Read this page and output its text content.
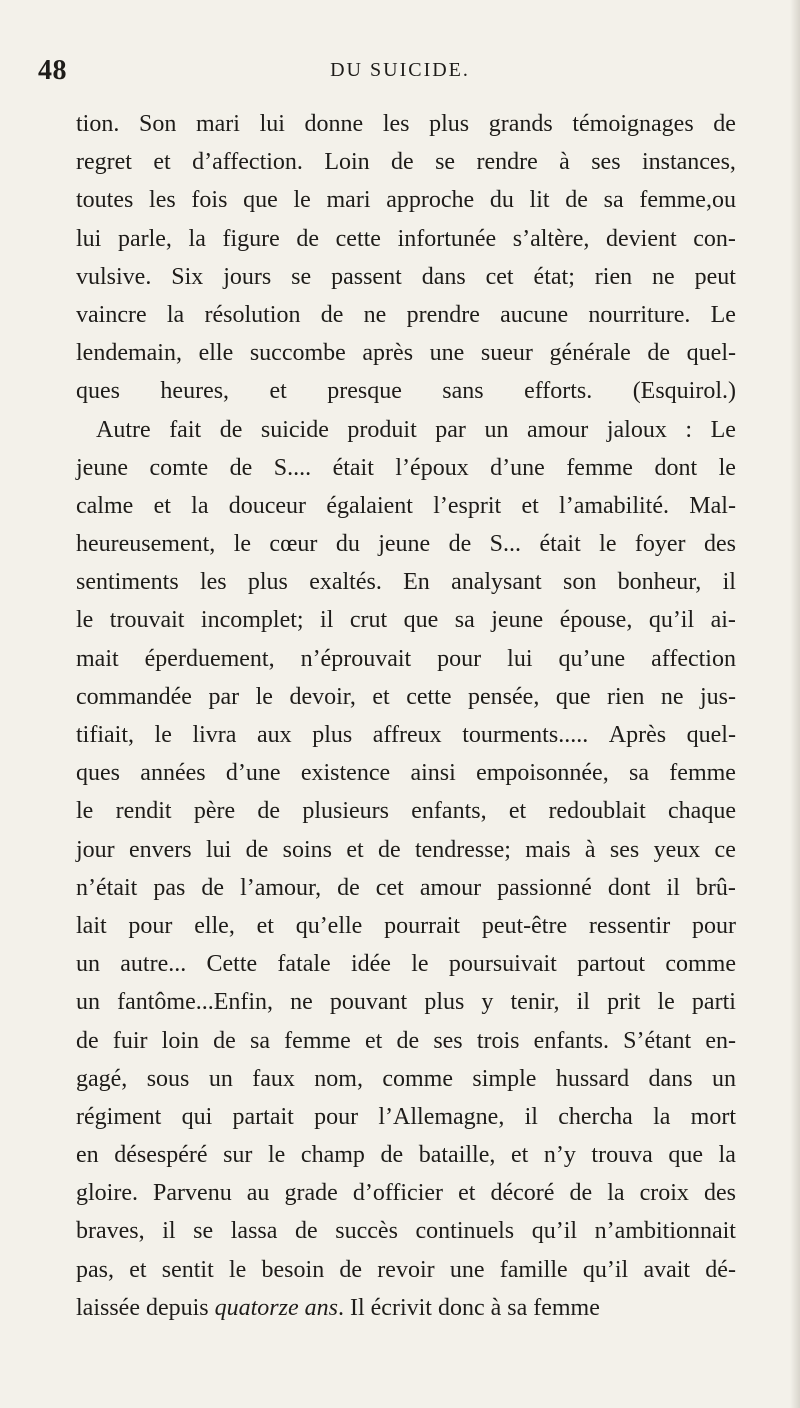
48	DU SUICIDE.
tion. Son mari lui donne les plus grands témoignages de
regret et d’affection. Loin de se rendre à ses instances,
toutes les fois que le mari approche du lit de sa femme,ou
lui parle, la figure de cette infortunée s’altère, devient con-
vulsive. Six jours se passent dans cet état; rien ne peut
vaincre la résolution de ne prendre aucune nourriture. Le
lendemain, elle succombe après une sueur générale de quel-
ques heures, et presque sans efforts. (Esquirol.)
Autre fait de suicide produit par un amour jaloux : Le
jeune comte de S.... était l’époux d’une femme dont le
calme et la douceur égalaient l’esprit et l’amabilité. Mal-
heureusement, le cœur du jeune de S... était le foyer des
sentiments les plus exaltés. En analysant son bonheur, il
le trouvait incomplet; il crut que sa jeune épouse, qu’il ai-
mait éperduement, n’éprouvait pour lui qu’une affection
commandée par le devoir, et cette pensée, que rien ne jus-
tifiait, le livra aux plus affreux tourments..... Après quel-
ques années d’une existence ainsi empoisonnée, sa femme
le rendit père de plusieurs enfants, et redoublait chaque
jour envers lui de soins et de tendresse; mais à ses yeux ce
n’était pas de l’amour, de cet amour passionné dont il brû-
lait pour elle, et qu’elle pourrait peut-être ressentir pour
un autre... Cette fatale idée le poursuivait partout comme
un fantôme...Enfin, ne pouvant plus y tenir, il prit le parti
de fuir loin de sa femme et de ses trois enfants. S’étant en-
gagé, sous un faux nom, comme simple hussard dans un
régiment qui partait pour l’Allemagne, il chercha la mort
en désespéré sur le champ de bataille, et n’y trouva que la
gloire. Parvenu au grade d’officier et décoré de la croix des
braves, il se lassa de succès continuels qu’il n’ambitionnait
pas, et sentit le besoin de revoir une famille qu’il avait dé-
laissée depuis quatorze ans . Il écrivit donc à sa femme
